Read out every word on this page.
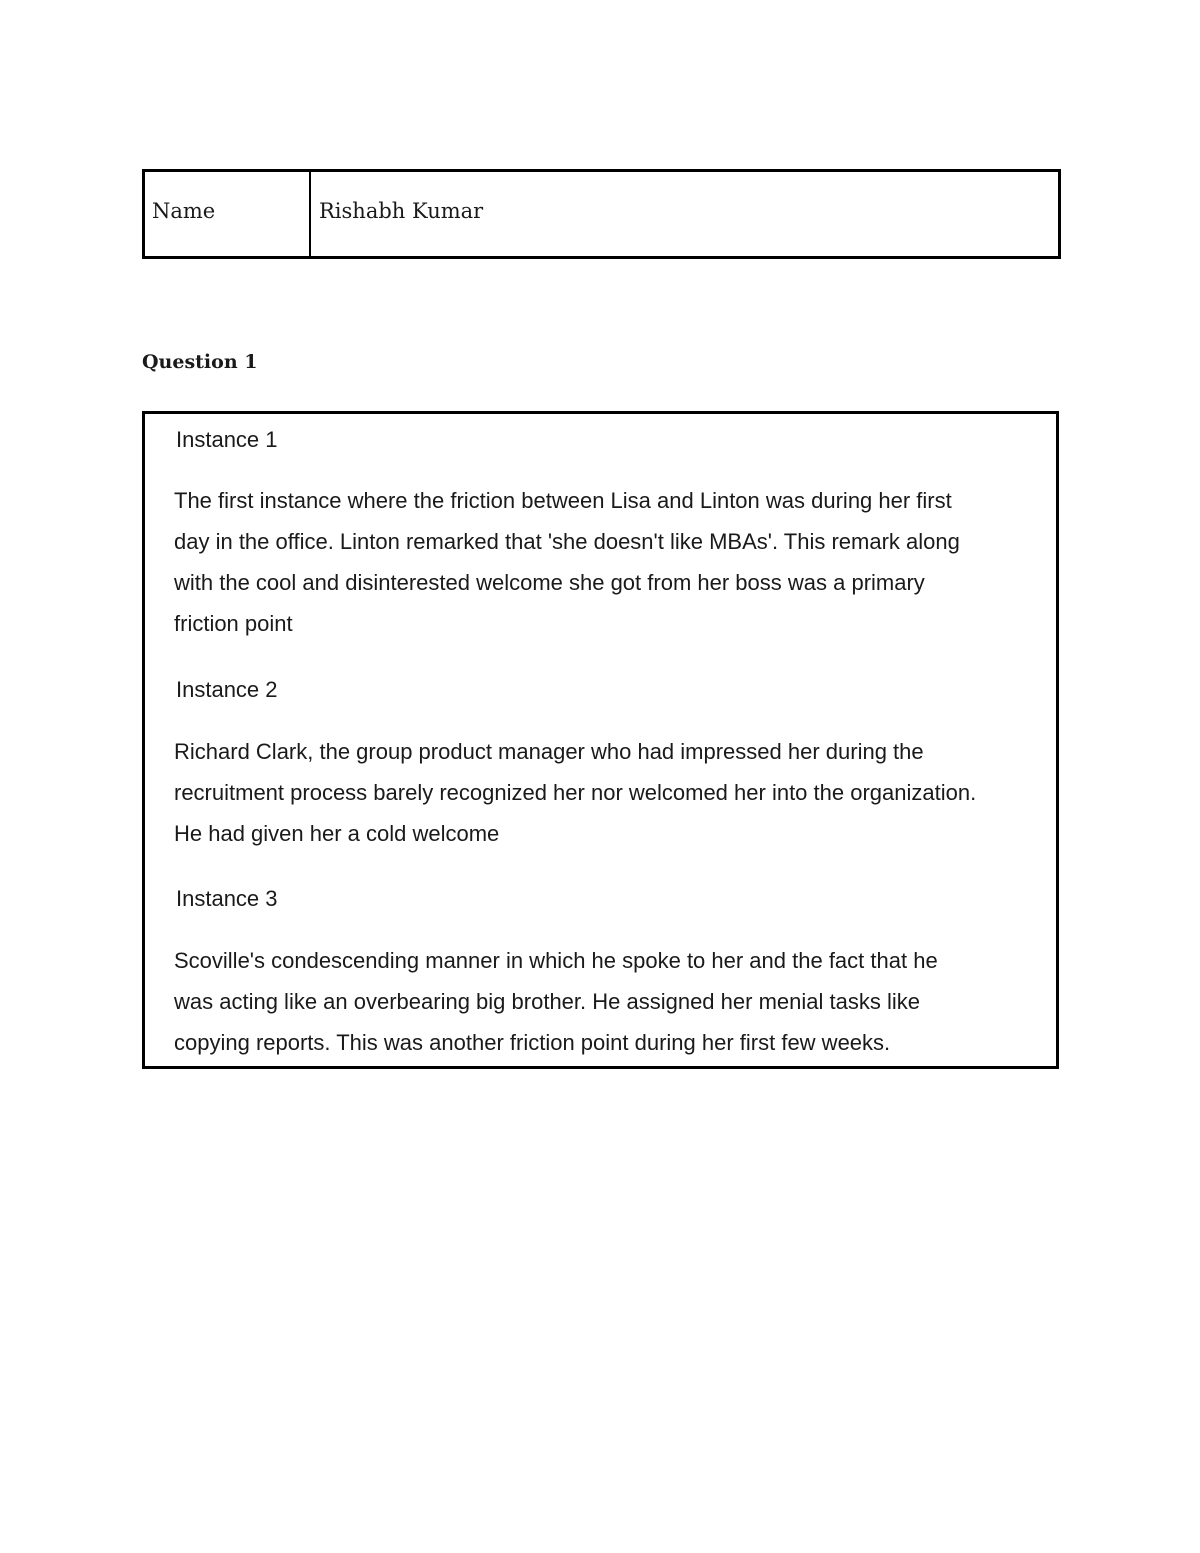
Name	Rishabh Kumar
Question 1
Instance 1

The first instance where the friction between Lisa and Linton was during her first
day in the office. Linton remarked that 'she doesn't like MBAs'. This remark along
with the cool and disinterested welcome she got from her boss was a primary
friction point

Instance 2

Richard Clark, the group product manager who had impressed her during the
recruitment process barely recognized her nor welcomed her into the organization.
He had given her a cold welcome

Instance 3

Scoville's condescending manner in which he spoke to her and the fact that he
was acting like an overbearing big brother. He assigned her menial tasks like
copying reports. This was another friction point during her first few weeks.
